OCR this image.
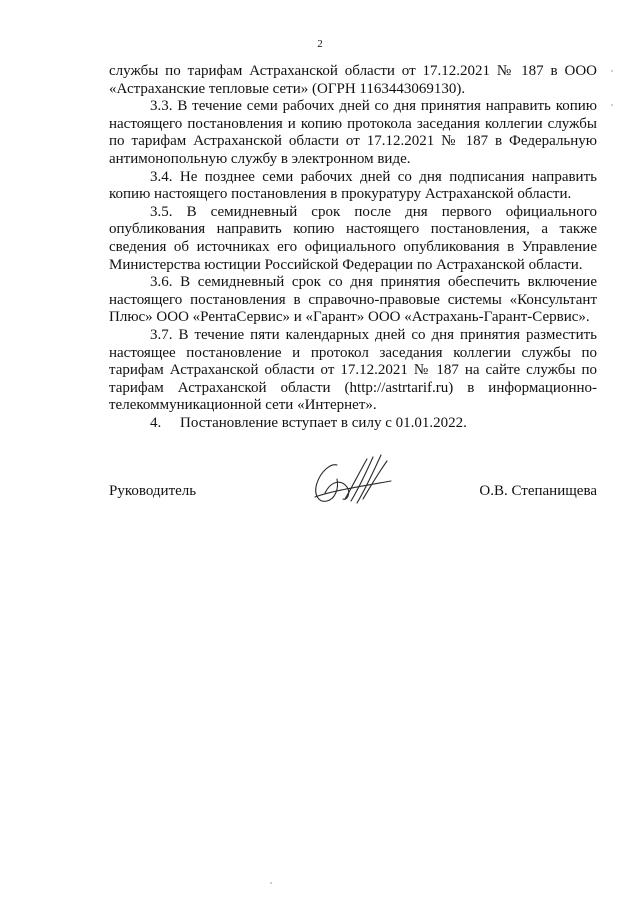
2

службы по тарифам Астраханской области от 17.12.2021 № 187 в ООО «Астраханские тепловые сети» (ОГРН 1163443069130).

3.3. В течение семи рабочих дней со дня принятия направить копию настоящего постановления и копию протокола заседания коллегии службы по тарифам Астраханской области от 17.12.2021 № 187 в Федеральную антимонопольную службу в электронном виде.

3.4. Не позднее семи рабочих дней со дня подписания направить копию настоящего постановления в прокуратуру Астраханской области.

3.5. В семидневный срок после дня первого официального опубликования направить копию настоящего постановления, а также сведения об источниках его официального опубликования в Управление Министерства юстиции Российской Федерации по Астраханской области.

3.6. В семидневный срок со дня принятия обеспечить включение настоящего постановления в справочно-правовые системы «Консультант Плюс» ООО «РентаСервис» и «Гарант» ООО «Астрахань-Гарант-Сервис».

3.7. В течение пяти календарных дней со дня принятия разместить настоящее постановление и протокол заседания коллегии службы по тарифам Астраханской области от 17.12.2021 № 187 на сайте службы по тарифам Астраханской области (http://astrtarif.ru) в информационно-телекоммуникационной сети «Интернет».

4.     Постановление вступает в силу с 01.01.2022.

Руководитель	О.В. Степанищева
